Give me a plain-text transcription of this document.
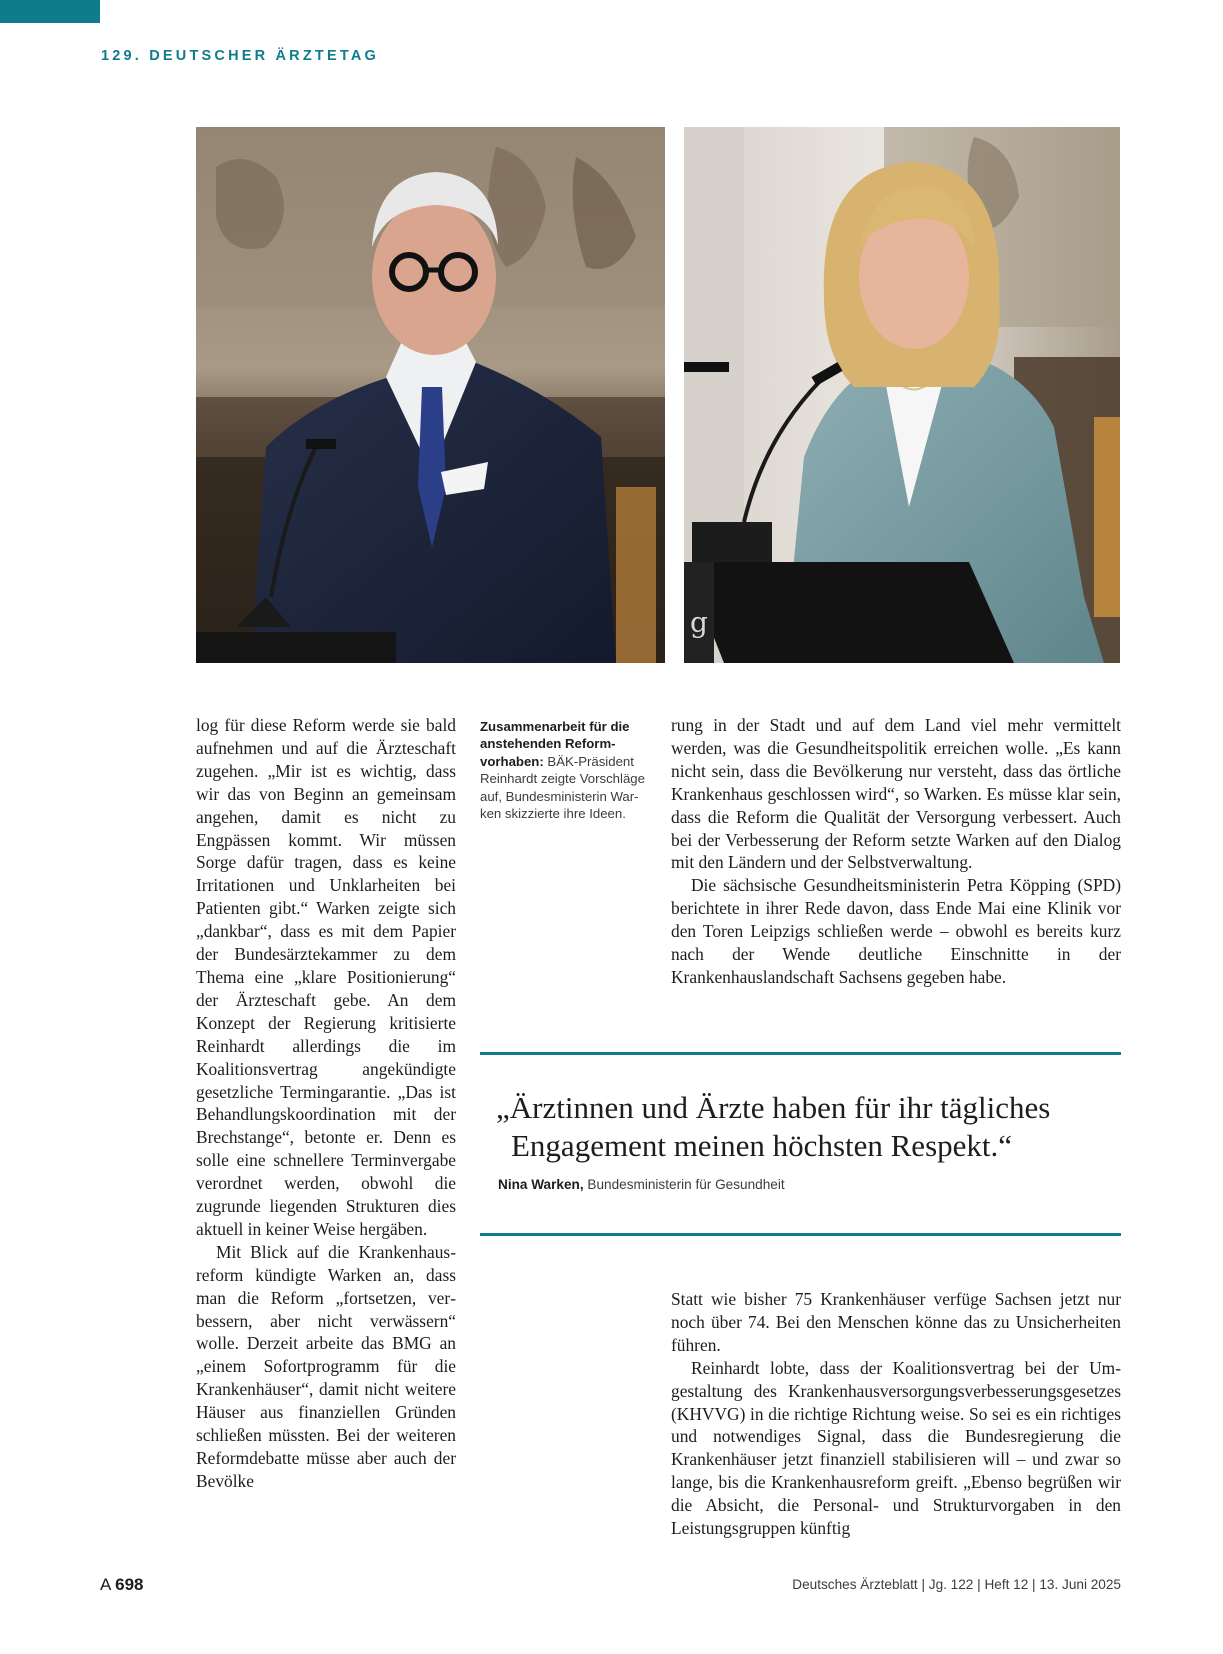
129. DEUTSCHER ÄRZTETAG
g

log für diese Reform werde sie bald aufnehmen und auf die Ärzteschaft zugehen. „Mir ist es wichtig, dass wir das von Beginn an gemeinsam angehen, damit es nicht zu Engpässen kommt. Wir müssen Sorge dafür tragen, dass es keine Irritationen und Unklarheiten bei Patienten gibt.“ Warken zeigte sich „dankbar“, dass es mit dem Papier der Bundesärztekammer zu dem Thema eine „klare Positionierung“ der Ärzteschaft gebe. An dem Konzept der Regierung kritisierte Reinhardt allerdings die im Koalitionsvertrag angekündigte gesetzliche Termingarantie. „Das ist Behandlungskoordination mit der Brechstange“, betonte er. Denn es solle eine schnellere Terminvergabe verordnet werden, obwohl die zugrunde liegenden Strukturen dies aktuell in keiner Weise hergäben.

Mit Blick auf die Krankenhausreform kündigte Warken an, dass man die Reform „fortsetzen, verbessern, aber nicht verwässern“ wolle. Derzeit arbeite das BMG an „einem Sofortprogramm für die Krankenhäuser“, damit nicht weitere Häuser aus finanziellen Gründen schließen müssten. Bei der weiteren Reformdebatte müsse aber auch der Bevölke

Zusammenarbeit für die anstehenden Reformvorhaben: BÄK-Präsident Reinhardt zeigte Vorschläge auf, Bundesministerin Warken skizzierte ihre Ideen.

rung in der Stadt und auf dem Land viel mehr vermittelt werden, was die Gesundheitspolitik erreichen wolle. „Es kann nicht sein, dass die Bevölkerung nur versteht, dass das örtliche Krankenhaus geschlossen wird“, so Warken. Es müsse klar sein, dass die Reform die Qualität der Versorgung verbessert. Auch bei der Verbesserung der Reform setzte Warken auf den Dialog mit den Ländern und der Selbstverwaltung.

Die sächsische Gesundheitsministerin Petra Köpping (SPD) berichtete in ihrer Rede davon, dass Ende Mai eine Klinik vor den Toren Leipzigs schließen werde – obwohl es bereits kurz nach der Wende deutliche Einschnitte in der Krankenhauslandschaft Sachsens gegeben habe.

„Ärztinnen und Ärzte haben für ihr tägliches
Engagement meinen höchsten Respekt.“
Nina Warken, Bundesministerin für Gesundheit

Statt wie bisher 75 Krankenhäuser verfüge Sachsen jetzt nur noch über 74. Bei den Menschen könne das zu Unsicherheiten führen.

Reinhardt lobte, dass der Koalitionsvertrag bei der Umgestaltung des Krankenhausversorgungsverbesserungsgesetzes (KHVVG) in die richtige Richtung weise. So sei es ein richtiges und notwendiges Signal, dass die Bundesregierung die Krankenhäuser jetzt finanziell stabilisieren will – und zwar so lange, bis die Krankenhausreform greift. „Ebenso begrüßen wir die Absicht, die Personal- und Strukturvorgaben in den Leistungsgruppen künftig

A 698	Deutsches Ärzteblatt | Jg. 122 | Heft 12 | 13. Juni 2025
